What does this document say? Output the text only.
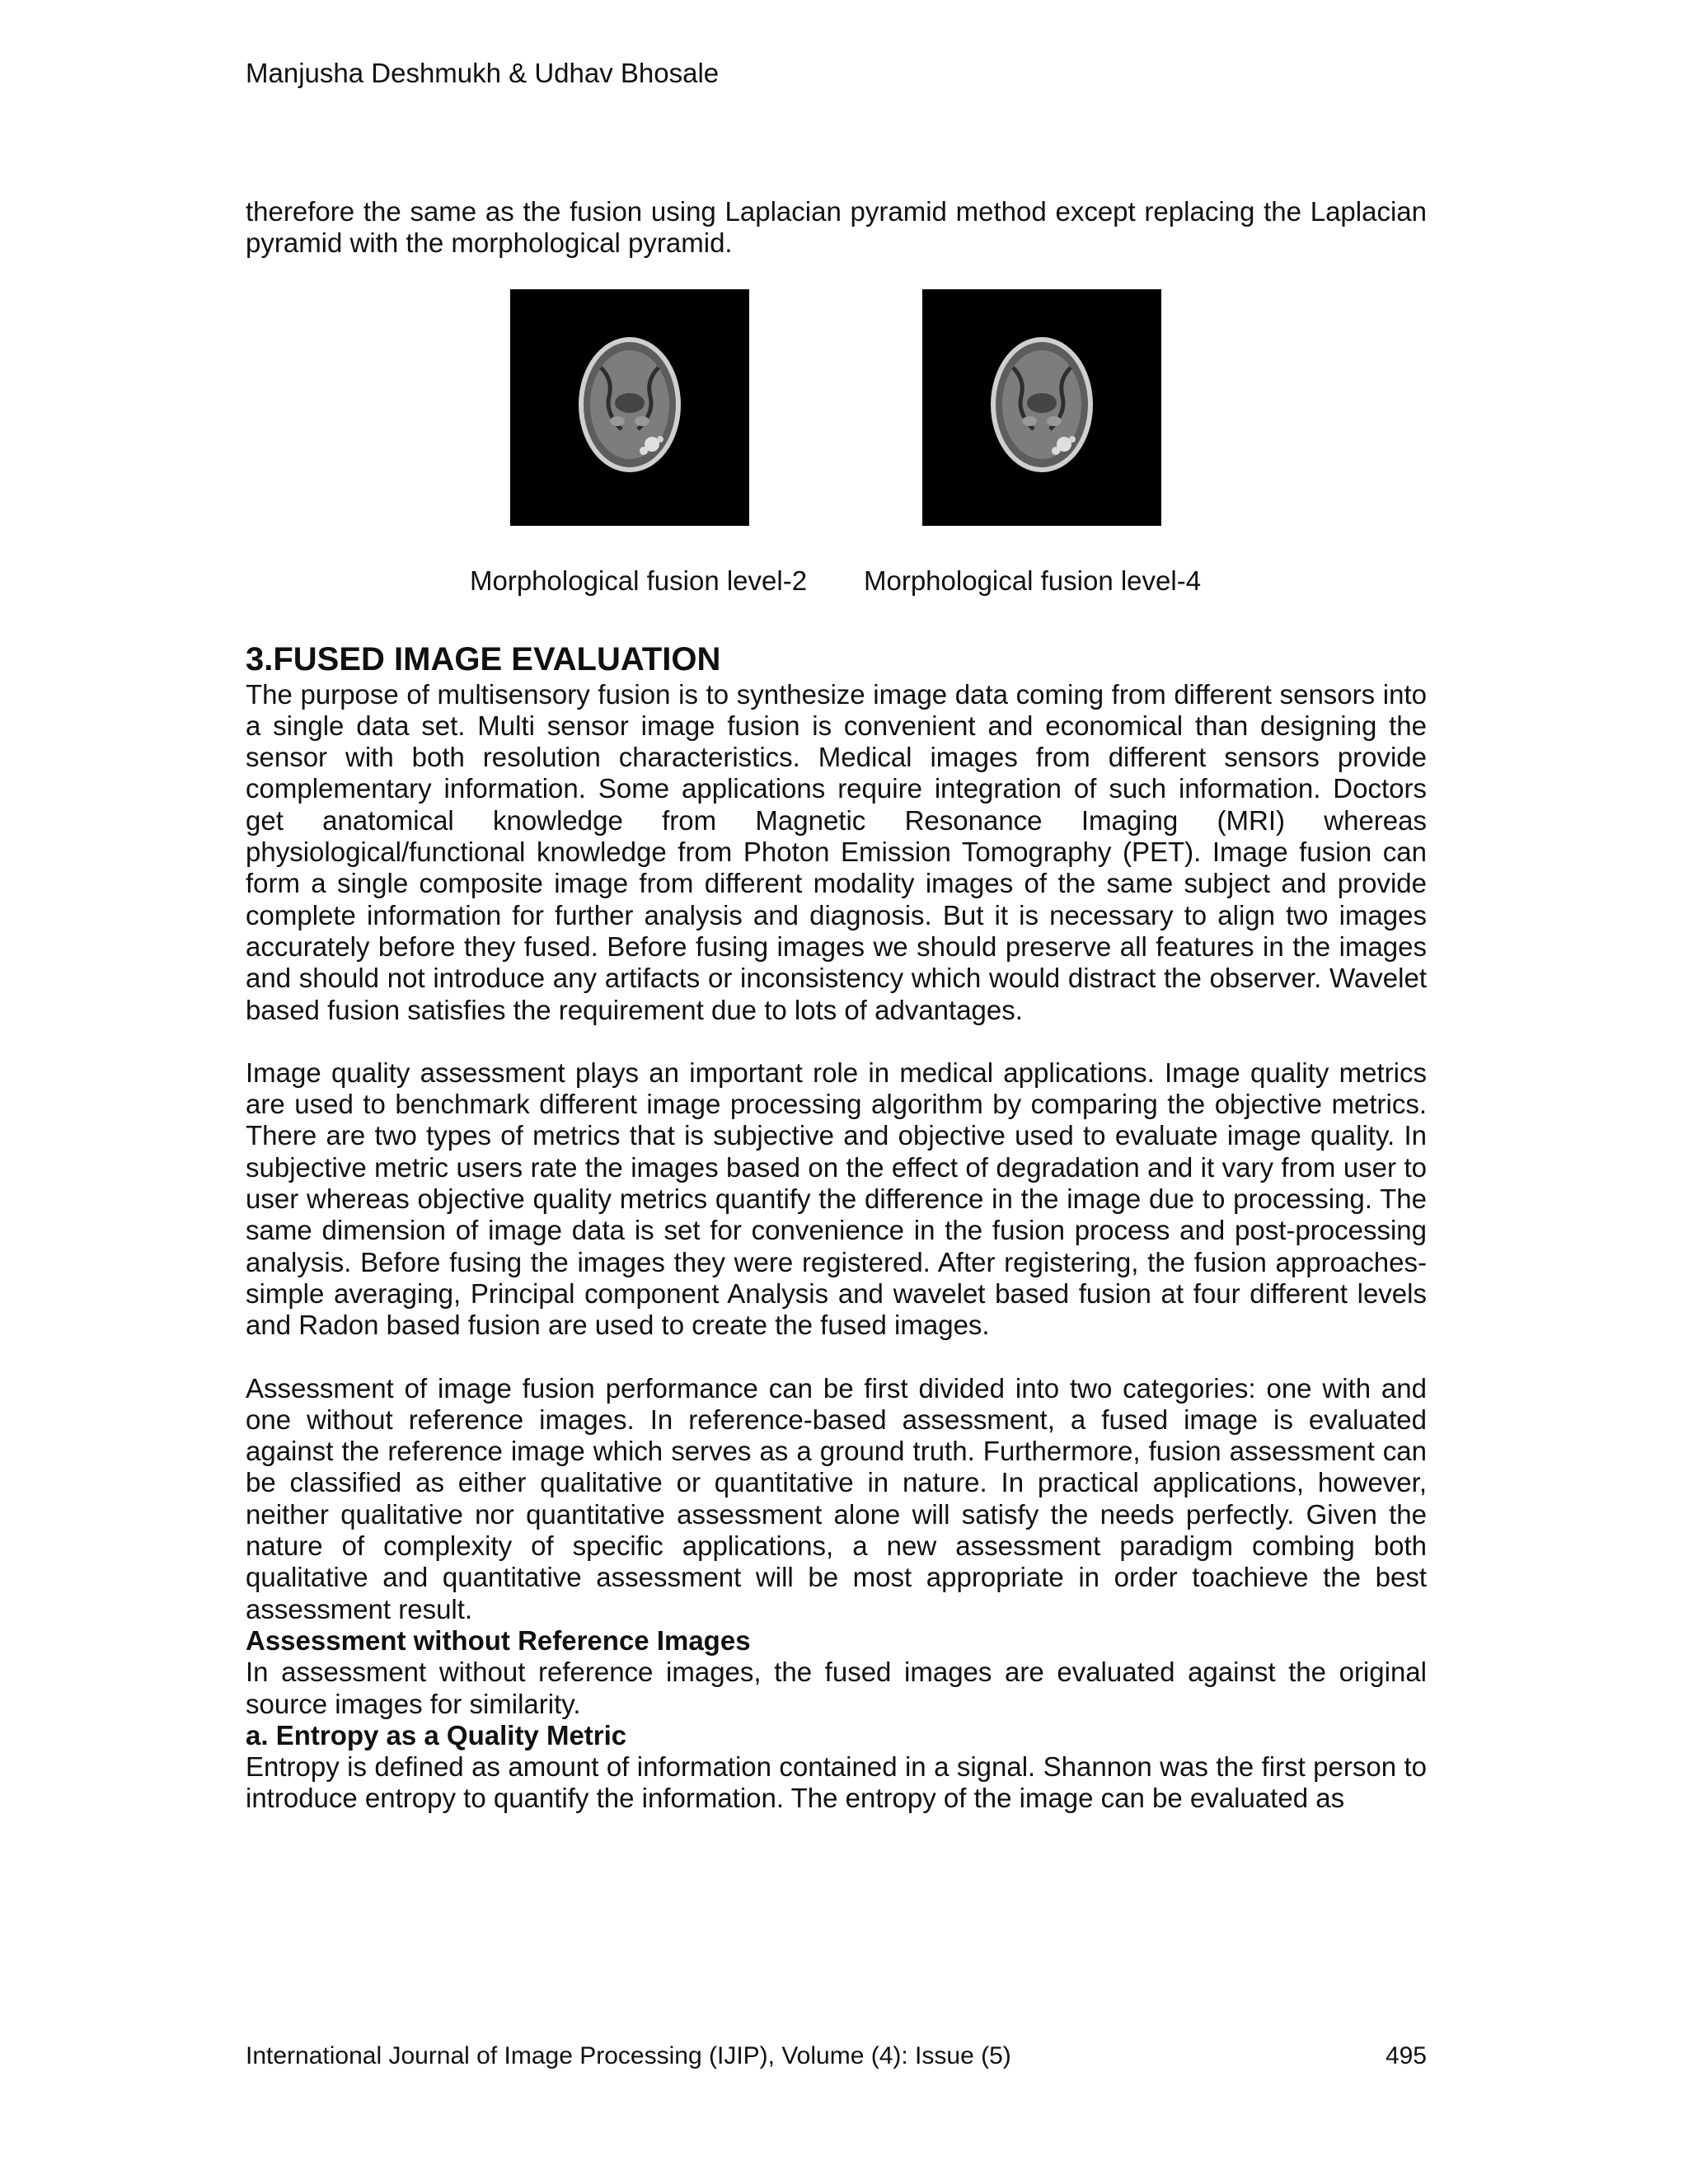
Manjusha Deshmukh & Udhav Bhosale

therefore the same as the fusion using Laplacian pyramid method except replacing the Laplacian pyramid with the morphological pyramid.

Morphological fusion level-2 Morphological fusion level-4
3.FUSED IMAGE EVALUATION

The purpose of multisensory fusion is to synthesize image data coming from different sensors into a single data set. Multi sensor image fusion is convenient and economical than designing the sensor with both resolution characteristics. Medical images from different sensors provide complementary information. Some applications require integration of such information. Doctors get anatomical knowledge from Magnetic Resonance Imaging (MRI) whereas physiological/functional knowledge from Photon Emission Tomography (PET). Image fusion can form a single composite image from different modality images of the same subject and provide complete information for further analysis and diagnosis. But it is necessary to align two images accurately before they fused. Before fusing images we should preserve all features in the images and should not introduce any artifacts or inconsistency which would distract the observer. Wavelet based fusion satisfies the requirement due to lots of advantages.

Image quality assessment plays an important role in medical applications. Image quality metrics are used to benchmark different image processing algorithm by comparing the objective metrics. There are two types of metrics that is subjective and objective used to evaluate image quality. In subjective metric users rate the images based on the effect of degradation and it vary from user to user whereas objective quality metrics quantify the difference in the image due to processing. The same dimension of image data is set for convenience in the fusion process and post-processing analysis. Before fusing the images they were registered. After registering, the fusion approaches- simple averaging, Principal component Analysis and wavelet based fusion at four different levels and Radon based fusion are used to create the fused images.

Assessment of image fusion performance can be first divided into two categories: one with and one without reference images. In reference-based assessment, a fused image is evaluated against the reference image which serves as a ground truth. Furthermore, fusion assessment can be classified as either qualitative or quantitative in nature. In practical applications, however, neither qualitative nor quantitative assessment alone will satisfy the needs perfectly. Given the nature of complexity of specific applications, a new assessment paradigm combing both qualitative and quantitative assessment will be most appropriate in order toachieve the best assessment result.

Assessment without Reference Images

In assessment without reference images, the fused images are evaluated against the original source images for similarity.

a. Entropy as a Quality Metric

Entropy is defined as amount of information contained in a signal. Shannon was the first person to introduce entropy to quantify the information. The entropy of the image can be evaluated as

International Journal of Image Processing (IJIP), Volume (4): Issue (5)	495
